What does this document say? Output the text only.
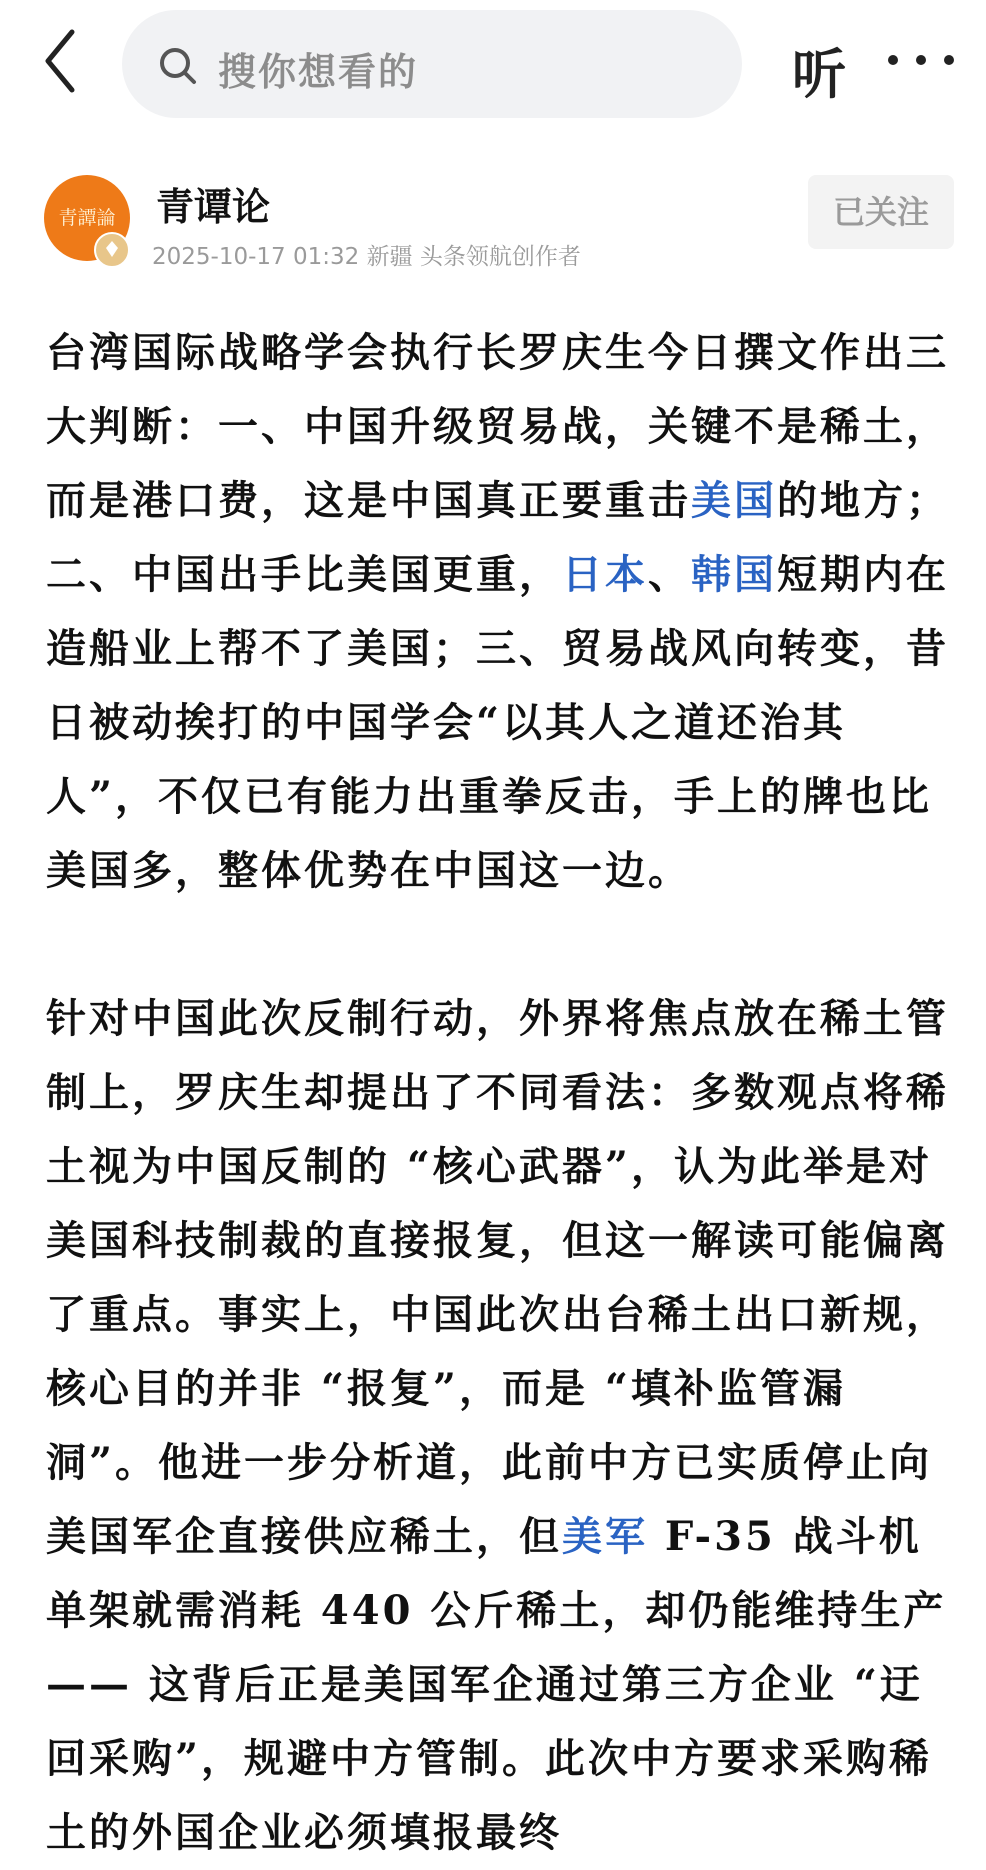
搜你想看的	听
青譚論	青谭论
2025-10-17 01:32 新疆 头条领航创作者
已关注

台湾国际战略学会执行长罗庆生今日撰文作出三大判断：一、中国升级贸易战，关键不是稀土，而是港口费，这是中国真正要重击美国的地方；二、中国出手比美国更重，日本、韩国短期内在造船业上帮不了美国；三、贸易战风向转变，昔日被动挨打的中国学会“以其人之道还治其人”，不仅已有能力出重拳反击，手上的牌也比美国多，整体优势在中国这一边。

针对中国此次反制行动，外界将焦点放在稀土管制上，罗庆生却提出了不同看法：多数观点将稀土视为中国反制的 “核心武器”，认为此举是对美国科技制裁的直接报复，但这一解读可能偏离了重点。事实上，中国此次出台稀土出口新规，核心目的并非 “报复”，而是 “填补监管漏洞”。他进一步分析道，此前中方已实质停止向美国军企直接供应稀土，但美军 F-35 战斗机单架就需消耗 440 公斤稀土，却仍能维持生产 —— 这背后正是美国军企通过第三方企业 “迂回采购”，规避中方管制。此次中方要求采购稀土的外国企业必须填报最终
